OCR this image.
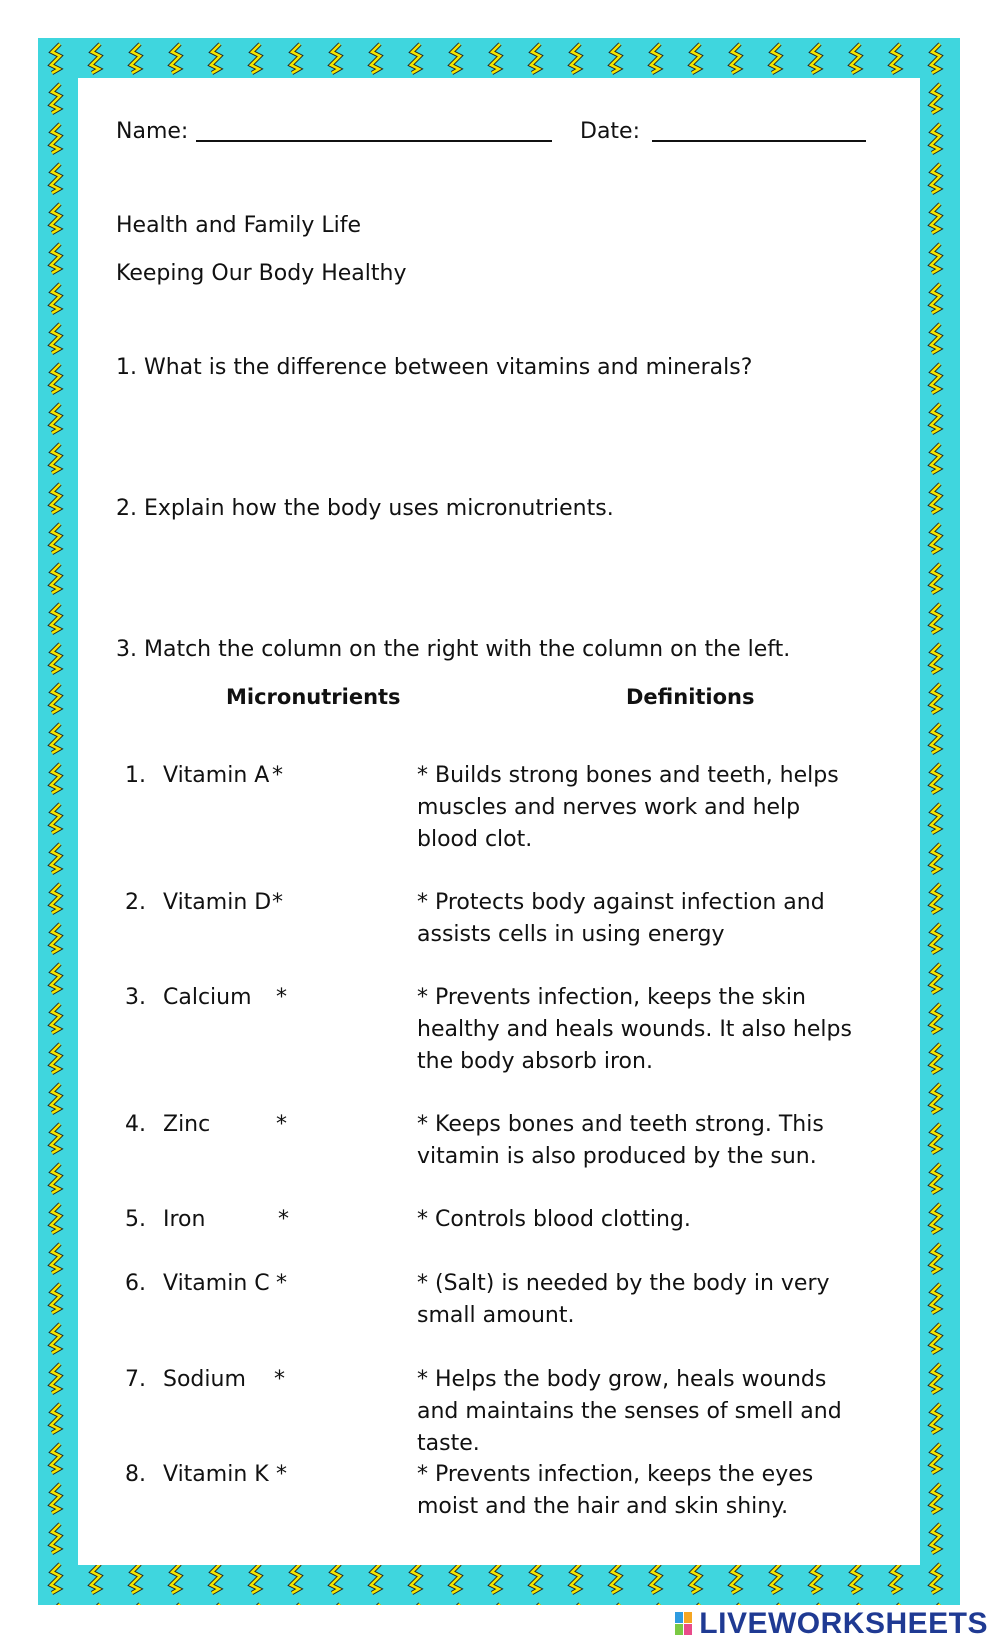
Name:	Date:
Health and Family Life
Keeping Our Body Healthy
1. What is the difference between vitamins and minerals?
2. Explain how the body uses micronutrients.
3. Match the column on the right with the column on the left.
Micronutrients	Definitions
1. Vitamin A *	* Builds strong bones and teeth, helps muscles and nerves work and help blood clot.
2. Vitamin D *	* Protects body against infection and assists cells in using energy
3. Calcium *	* Prevents infection, keeps the skin healthy and heals wounds. It also helps the body absorb iron.
4. Zinc	*	* Keeps bones and teeth strong. This vitamin is also produced by the sun.
5. Iron	*	* Controls blood clotting.
6. Vitamin C *	* (Salt) is needed by the body in very small amount.
7. Sodium *	* Helps the body grow, heals wounds and maintains the senses of smell and taste.
8. Vitamin K *	* Prevents infection, keeps the eyes moist and the hair and skin shiny.
LIVEWORKSHEETS
